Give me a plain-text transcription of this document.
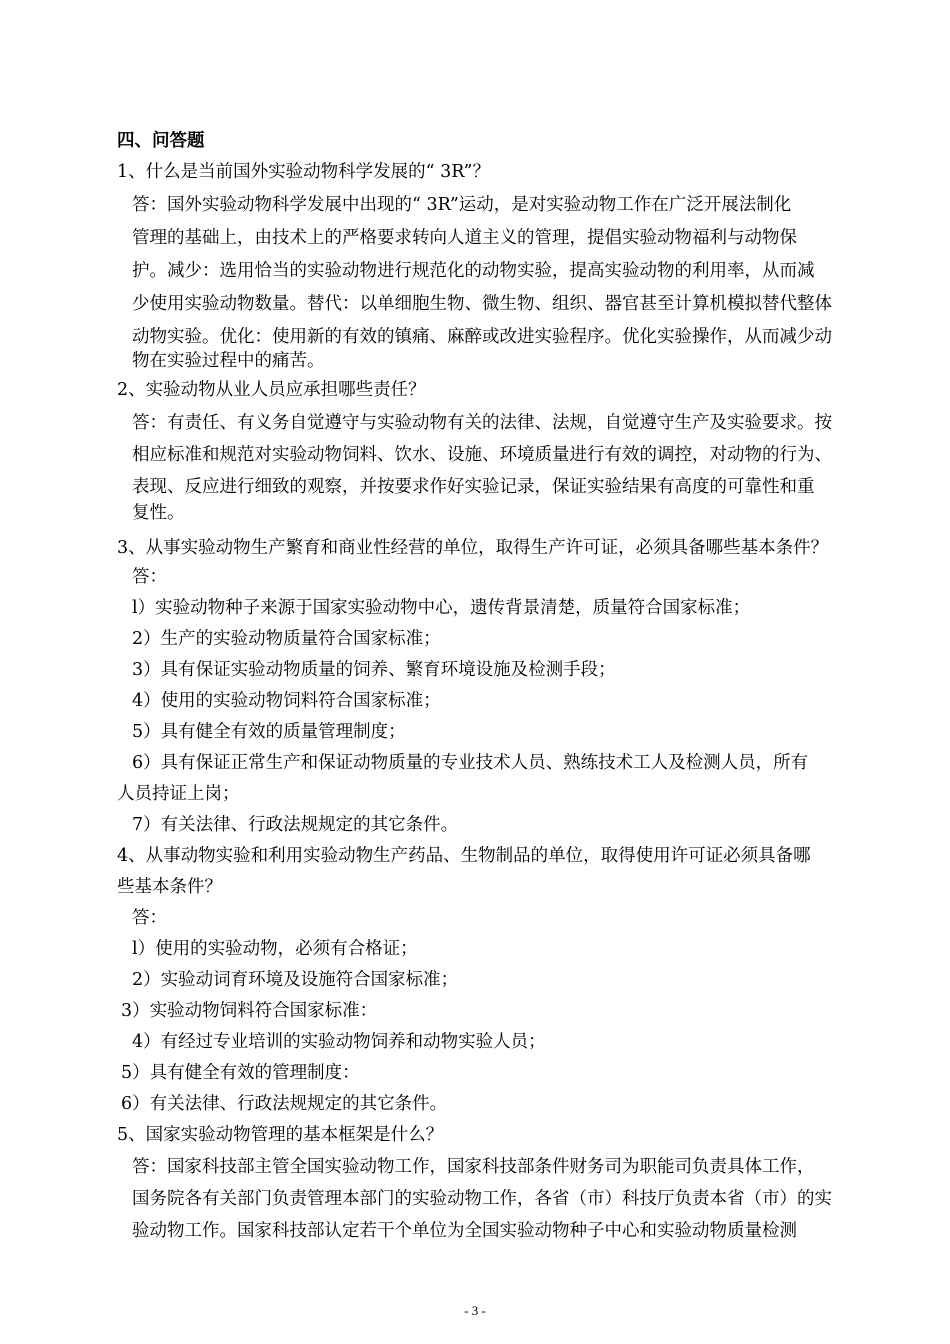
四、问答题
1、什么是当前国外实验动物科学发展的“ 3R”？
答：国外实验动物科学发展中出现的“ 3R”运动，是对实验动物工作在广泛开展法制化
管理的基础上，由技术上的严格要求转向人道主义的管理，提倡实验动物福利与动物保
护。减少：选用恰当的实验动物进行规范化的动物实验，提高实验动物的利用率，从而减
少使用实验动物数量。替代：以单细胞生物、微生物、组织、器官甚至计算机模拟替代整体
动物实验。优化：使用新的有效的镇痛、麻醉或改进实验程序。优化实验操作，从而减少动
物在实验过程中的痛苦。
2、实验动物从业人员应承担哪些责任？
答：有责任、有义务自觉遵守与实验动物有关的法律、法规，自觉遵守生产及实验要求。按
相应标准和规范对实验动物饲料、饮水、设施、环境质量进行有效的调控，对动物的行为、
表现、反应进行细致的观察，并按要求作好实验记录，保证实验结果有高度的可靠性和重
复性。
3、从事实验动物生产繁育和商业性经营的单位，取得生产许可证，必须具备哪些基本条件？
答：
l）实验动物种子来源于国家实验动物中心，遗传背景清楚，质量符合国家标准；
2）生产的实验动物质量符合国家标准；
3）具有保证实验动物质量的饲养、繁育环境设施及检测手段；
4）使用的实验动物饲料符合国家标准；
5）具有健全有效的质量管理制度；
6）具有保证正常生产和保证动物质量的专业技术人员、熟练技术工人及检测人员，所有
人员持证上岗；
7）有关法律、行政法规规定的其它条件。
4、从事动物实验和利用实验动物生产药品、生物制品的单位，取得使用许可证必须具备哪
些基本条件？
答：
l）使用的实验动物，必须有合格证；
2）实验动词育环境及设施符合国家标准；
3）实验动物饲料符合国家标准：
4）有经过专业培训的实验动物饲养和动物实验人员；
5）具有健全有效的管理制度：
6）有关法律、行政法规规定的其它条件。
5、国家实验动物管理的基本框架是什么？
答：国家科技部主管全国实验动物工作，国家科技部条件财务司为职能司负责具体工作，
国务院各有关部门负责管理本部门的实验动物工作，各省（市）科技厅负责本省（市）的实
验动物工作。国家科技部认定若干个单位为全国实验动物种子中心和实验动物质量检测
- 3 -
